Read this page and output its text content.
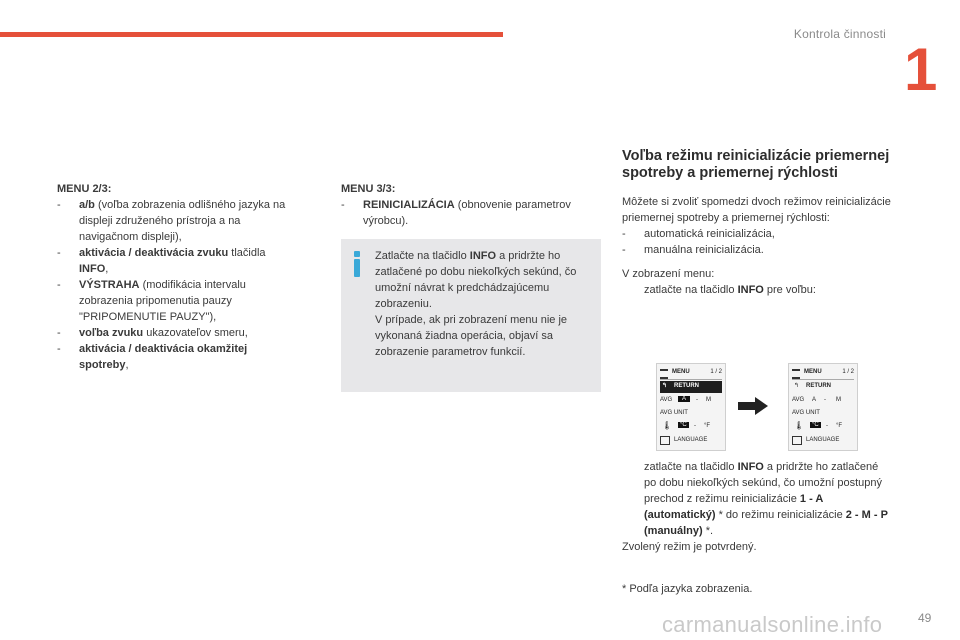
Kontrola činnosti
1
MENU 2/3:
- a/b (voľba zobrazenia odlišného jazyka na displeji združeného prístroja a na navigačnom displeji),
- aktivácia / deaktivácia zvuku tlačidla INFO,
- VÝSTRAHA (modifikácia intervalu zobrazenia pripomenutia pauzy "PRIPOMENUTIE PAUZY"),
- voľba zvuku ukazovateľov smeru,
- aktivácia / deaktivácia okamžitej spotreby,
MENU 3/3:
- REINICIALIZÁCIA (obnovenie parametrov výrobcu).
Zatlačte na tlačidlo INFO a pridržte ho zatlačené po dobu niekoľkých sekúnd, čo umožní návrat k predchádzajúcemu zobrazeniu.
V prípade, ak pri zobrazení menu nie je vykonaná žiadna operácia, objaví sa zobrazenie parametrov funkcií.
Voľba režimu reinicializácie priemernej spotreby a priemernej rýchlosti

Môžete si zvoliť spomedzi dvoch režimov reinicializácie priemernej spotreby a priemernej rýchlosti:

- automatická reinicializácia,
- manuálna reinicializácia.

V zobrazení menu:

zatlačte na tlačidlo INFO pre voľbu:
MENU	1 / 2
↰ RETURN
AVG	A	- M
AVG UNIT
🌡	°C	- °F
LANGUAGE
MENU	1 / 2
↰ RETURN
AVG A - M
AVG UNIT
🌡	°C	- °F
LANGUAGE
zatlačte na tlačidlo INFO a pridržte ho zatlačené po dobu niekoľkých sekúnd, čo umožní postupný prechod z režimu reinicializácie 1 - A (automatický) * do režimu reinicializácie 2 - M - P (manuálny) *.

Zvolený režim je potvrdený.

* Podľa jazyka zobrazenia.
carmanualsonline.info	49
